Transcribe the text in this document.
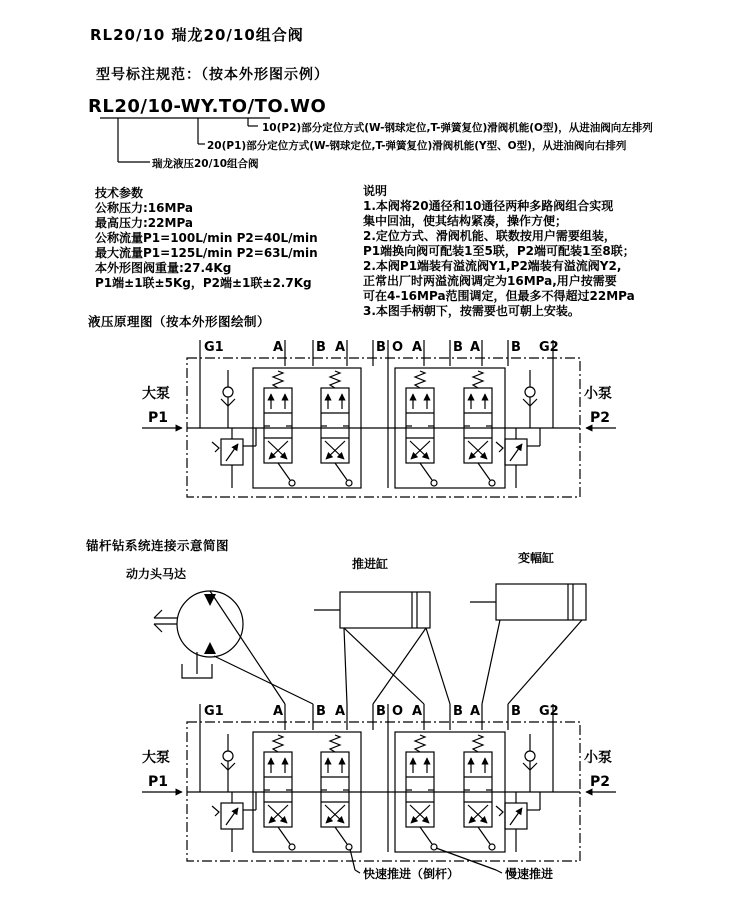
RL20/10 瑞龙20/10组合阀
型号标注规范：（按本外形图示例）
RL20/10-WY.TO/TO.WO
10(P2)部分定位方式(W-钢球定位,T-弹簧复位)滑阀机能(O型)，从进油阀向左排列
20(P1)部分定位方式(W-钢球定位,T-弹簧复位)滑阀机能(Y型、O型)，从进油阀向右排列
瑞龙液压20/10组合阀
技术参数
公称压力:16MPa
最高压力:22MPa
公称流量P1=100L/min P2=40L/min
最大流量P1=125L/min P2=63L/min
本外形图阀重量:27.4Kg
P1端±1联±5Kg，P2端±1联±2.7Kg
说明
1.本阀将20通径和10通径两种多路阀组合实现
集中回油，使其结构紧凑，操作方便；
2.定位方式、滑阀机能、联数按用户需要组装，
P1端换向阀可配装1至5联，P2端可配装1至8联；
2.本阀P1端装有溢流阀Y1,P2端装有溢流阀Y2,
正常出厂时两溢流阀调定为16MPa,用户按需要
可在4-16MPa范围调定，但最多不得超过22MPa
3.本图手柄朝下，按需要也可朝上安装。
液压原理图（按本外形图绘制）
锚杆钻系统连接示意简图
动力头马达
推进缸	变幅缸
快速推进（倒杆）	慢速推进
